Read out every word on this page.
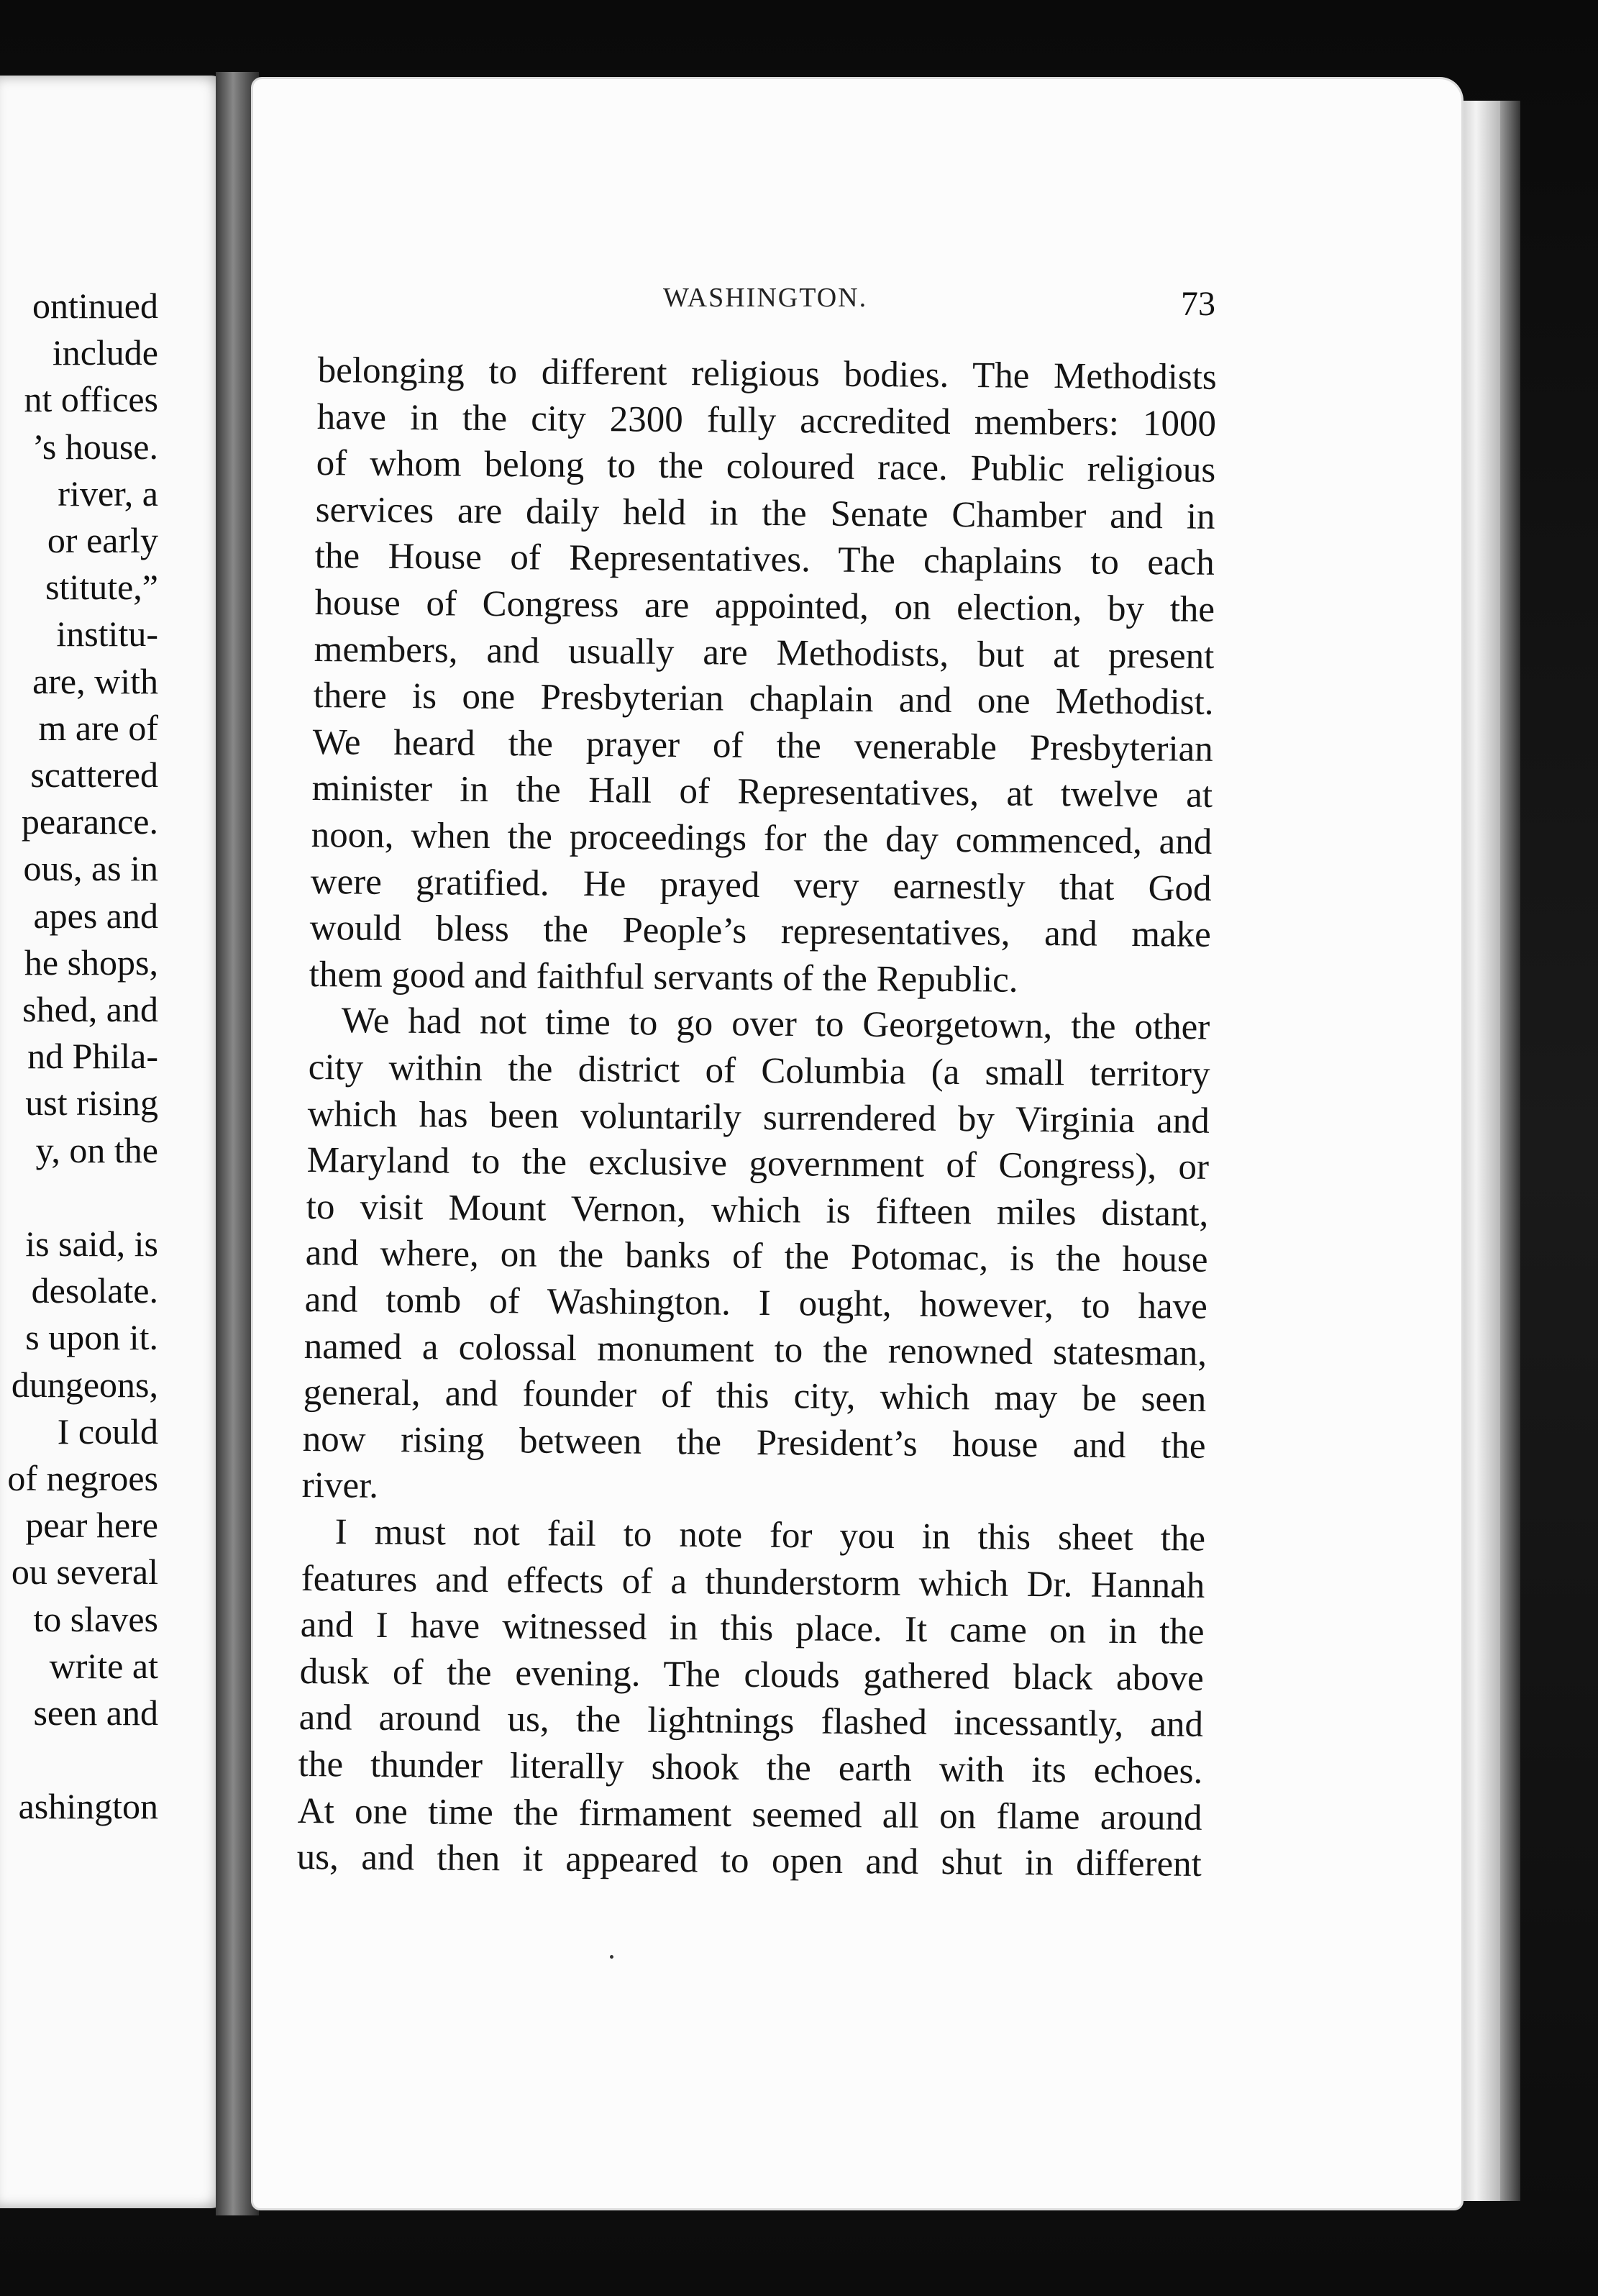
ontinued
include
nt offices
’s house.
river, a
or early
stitute,”
institu-
are, with
m are of
scattered
pearance.
ous, as in
apes and
he shops,
shed, and
nd Phila-
ust rising
y, on the
is said, is
desolate.
s upon it.
dungeons,
I could
of negroes
pear here
ou several
to slaves
write at
seen and
ashington
WASHINGTON.	73
belonging to different religious bodies. The Methodists
have in the city 2300 fully accredited members: 1000
of whom belong to the coloured race. Public religious
services are daily held in the Senate Chamber and in
the House of Representatives. The chaplains to each
house of Congress are appointed, on election, by the
members, and usually are Methodists, but at present
there is one Presbyterian chaplain and one Methodist.
We heard the prayer of the venerable Presbyterian
minister in the Hall of Representatives, at twelve at
noon, when the proceedings for the day commenced, and
were gratified. He prayed very earnestly that God
would bless the People’s representatives, and make
them good and faithful servants of the Republic.
We had not time to go over to Georgetown, the other
city within the district of Columbia (a small territory
which has been voluntarily surrendered by Virginia and
Maryland to the exclusive government of Congress), or
to visit Mount Vernon, which is fifteen miles distant,
and where, on the banks of the Potomac, is the house
and tomb of Washington. I ought, however, to have
named a colossal monument to the renowned statesman,
general, and founder of this city, which may be seen
now rising between the President’s house and the
river.
I must not fail to note for you in this sheet the
features and effects of a thunderstorm which Dr. Hannah
and I have witnessed in this place. It came on in the
dusk of the evening. The clouds gathered black above
and around us, the lightnings flashed incessantly, and
the thunder literally shook the earth with its echoes.
At one time the firmament seemed all on flame around
us, and then it appeared to open and shut in different
